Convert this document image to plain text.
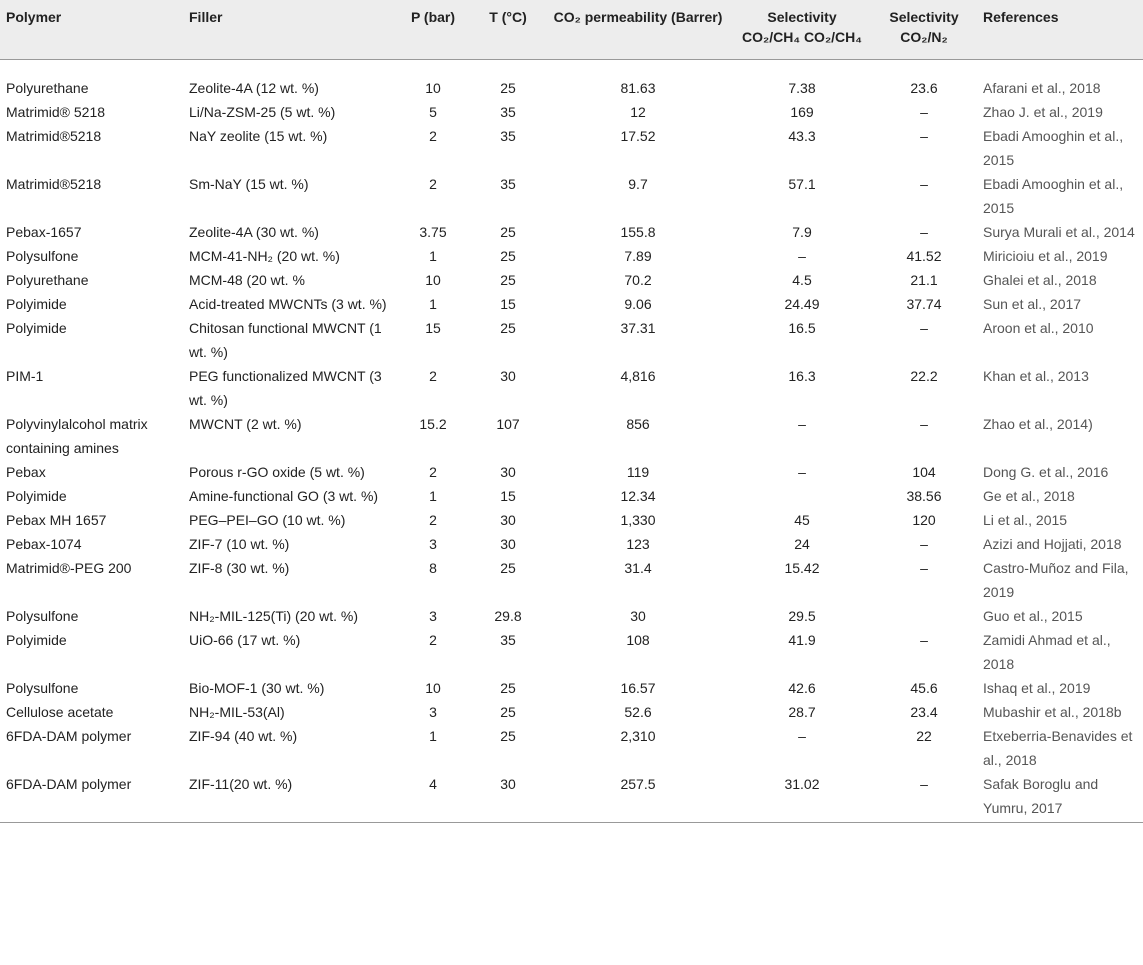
Polymer	Filler	P (bar)	T (°C)	CO₂ permeability (Barrer)	Selectivity CO₂/CH₄ CO₂/CH₄	Selectivity CO₂/N₂	References
Polyurethane	Zeolite-4A (12 wt. %)	10	25	81.63	7.38	23.6	Afarani et al., 2018
Matrimid® 5218	Li/Na-ZSM-25 (5 wt. %)	5	35	12	169	–	Zhao J. et al., 2019
Matrimid®5218	NaY zeolite (15 wt. %)	2	35	17.52	43.3	–	Ebadi Amooghin et al., 2015
Matrimid®5218	Sm-NaY (15 wt. %)	2	35	9.7	57.1	–	Ebadi Amooghin et al., 2015
Pebax-1657	Zeolite-4A (30 wt. %)	3.75	25	155.8	7.9	–	Surya Murali et al., 2014
Polysulfone	MCM-41-NH₂ (20 wt. %)	1	25	7.89	–	41.52	Miricioiu et al., 2019
Polyurethane	MCM-48 (20 wt. %	10	25	70.2	4.5	21.1	Ghalei et al., 2018
Polyimide	Acid-treated MWCNTs (3 wt. %)	1	15	9.06	24.49	37.74	Sun et al., 2017
Polyimide	Chitosan functional MWCNT (1 wt. %)	15	25	37.31	16.5	–	Aroon et al., 2010
PIM-1	PEG functionalized MWCNT (3 wt. %)	2	30	4,816	16.3	22.2	Khan et al., 2013
Polyvinylalcohol matrix containing amines	MWCNT (2 wt. %)	15.2	107	856	–	–	Zhao et al., 2014)
Pebax	Porous r-GO oxide (5 wt. %)	2	30	119	–	104	Dong G. et al., 2016
Polyimide	Amine-functional GO (3 wt. %)	1	15	12.34		38.56	Ge et al., 2018
Pebax MH 1657	PEG–PEI–GO (10 wt. %)	2	30	1,330	45	120	Li et al., 2015
Pebax-1074	ZIF-7 (10 wt. %)	3	30	123	24	–	Azizi and Hojjati, 2018
Matrimid®-PEG 200	ZIF-8 (30 wt. %)	8	25	31.4	15.42	–	Castro-Muñoz and Fila, 2019
Polysulfone	NH₂-MIL-125(Ti) (20 wt. %)	3	29.8	30	29.5		Guo et al., 2015
Polyimide	UiO-66 (17 wt. %)	2	35	108	41.9	–	Zamidi Ahmad et al., 2018
Polysulfone	Bio-MOF-1 (30 wt. %)	10	25	16.57	42.6	45.6	Ishaq et al., 2019
Cellulose acetate	NH₂-MIL-53(Al)	3	25	52.6	28.7	23.4	Mubashir et al., 2018b
6FDA-DAM polymer	ZIF-94 (40 wt. %)	1	25	2,310	–	22	Etxeberria-Benavides et al., 2018
6FDA-DAM polymer	ZIF-11(20 wt. %)	4	30	257.5	31.02	–	Safak Boroglu and Yumru, 2017
